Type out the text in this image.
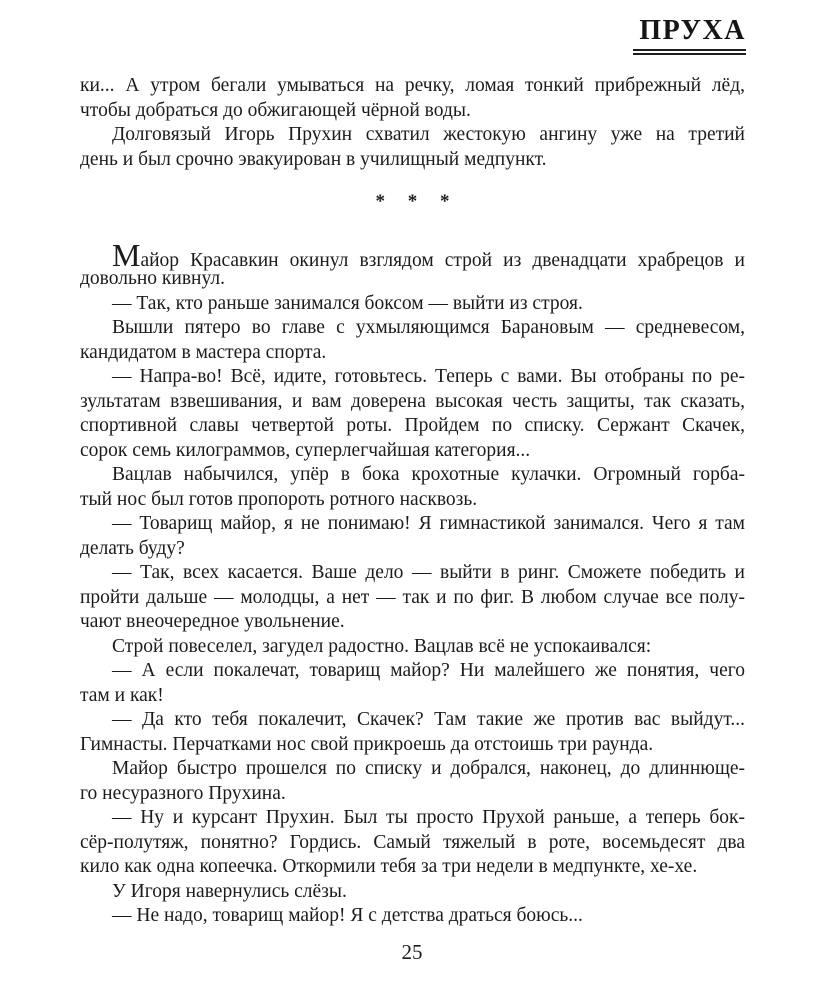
ПРУХА
ки... А утром бегали умываться на речку, ломая тонкий прибрежный лёд,
чтобы добраться до обжигающей чёрной воды.
Долговязый Игорь Прухин схватил жестокую ангину уже на третий
день и был срочно эвакуирован в училищный медпункт.
* * *
Майор Красавкин окинул взглядом строй из двенадцати храбрецов и
довольно кивнул.
— Так, кто раньше занимался боксом — выйти из строя.
Вышли пятеро во главе с ухмыляющимся Барановым — средневесом,
кандидатом в мастера спорта.
— Напра-во! Всё, идите, готовьтесь. Теперь с вами. Вы отобраны по ре-
зультатам взвешивания, и вам доверена высокая честь защиты, так сказать,
спортивной славы четвертой роты. Пройдем по списку. Сержант Скачек,
сорок семь килограммов, суперлегчайшая категория...
Вацлав набычился, упёр в бока крохотные кулачки. Огромный горба-
тый нос был готов пропороть ротного насквозь.
— Товарищ майор, я не понимаю! Я гимнастикой занимался. Чего я там
делать буду?
— Так, всех касается. Ваше дело — выйти в ринг. Сможете победить и
пройти дальше — молодцы, а нет — так и по фиг. В любом случае все полу-
чают внеочередное увольнение.
Строй повеселел, загудел радостно. Вацлав всё не успокаивался:
— А если покалечат, товарищ майор? Ни малейшего же понятия, чего
там и как!
— Да кто тебя покалечит, Скачек? Там такие же против вас выйдут...
Гимнасты. Перчатками нос свой прикроешь да отстоишь три раунда.
Майор быстро прошелся по списку и добрался, наконец, до длиннюще-
го несуразного Прухина.
— Ну и курсант Прухин. Был ты просто Прухой раньше, а теперь бок-
сёр-полутяж, понятно? Гордись. Самый тяжелый в роте, восемьдесят два
кило как одна копеечка. Откормили тебя за три недели в медпункте, хе-хе.
У Игоря навернулись слёзы.
— Не надо, товарищ майор! Я с детства драться боюсь...
25
